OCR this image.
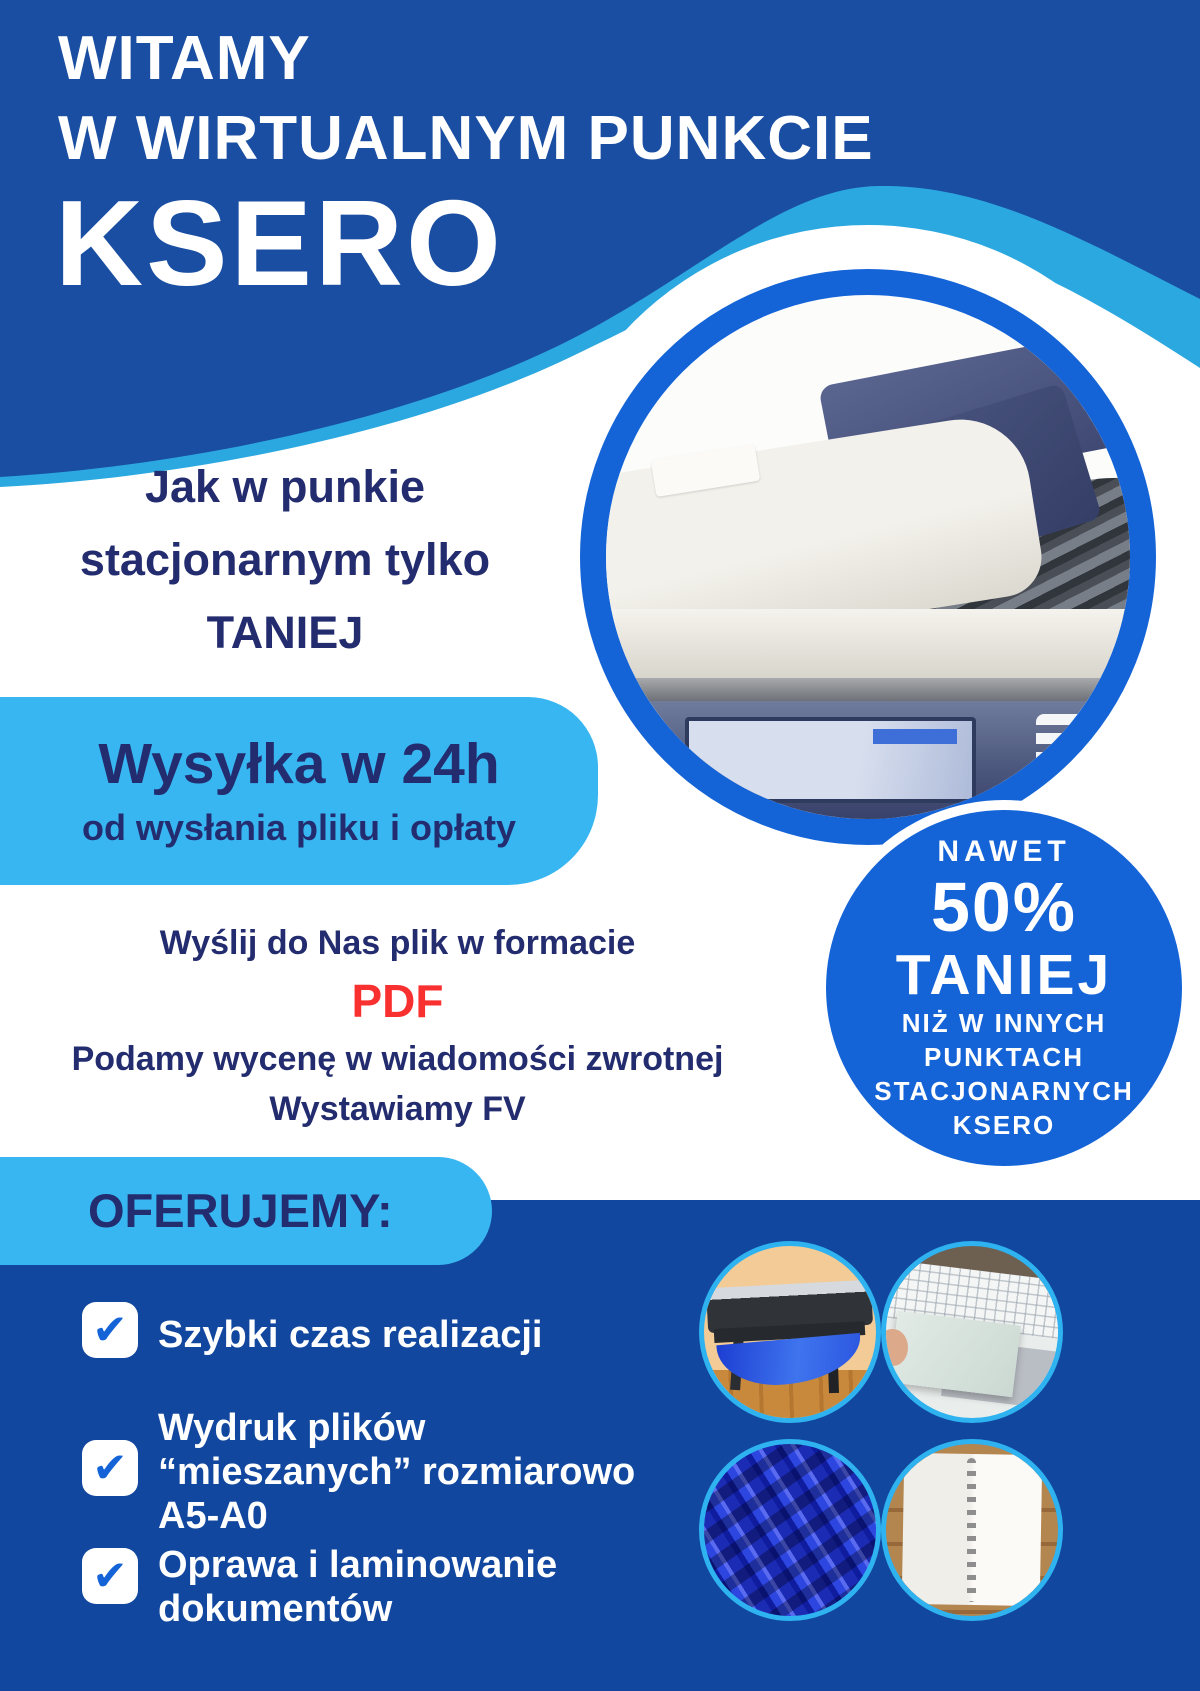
WITAMY
W WIRTUALNYM PUNKCIE
KSERO
NAWET
50%
TANIEJ
NIŻ W INNYCH
PUNKTACH
STACJONARNYCH
KSERO
Jak w punkie
stacjonarnym tylko
TANIEJ
Wysyłka w 24h
od wysłania pliku i opłaty
Wyślij do Nas plik w formacie
PDF
Podamy wycenę w wiadomości zwrotnej
Wystawiamy FV
OFERUJEMY:
✔ Szybki czas realizacji
✔
Wydruk plików
“mieszanych” rozmiarowo
A5-A0
✔ Oprawa i laminowanie
dokumentów
